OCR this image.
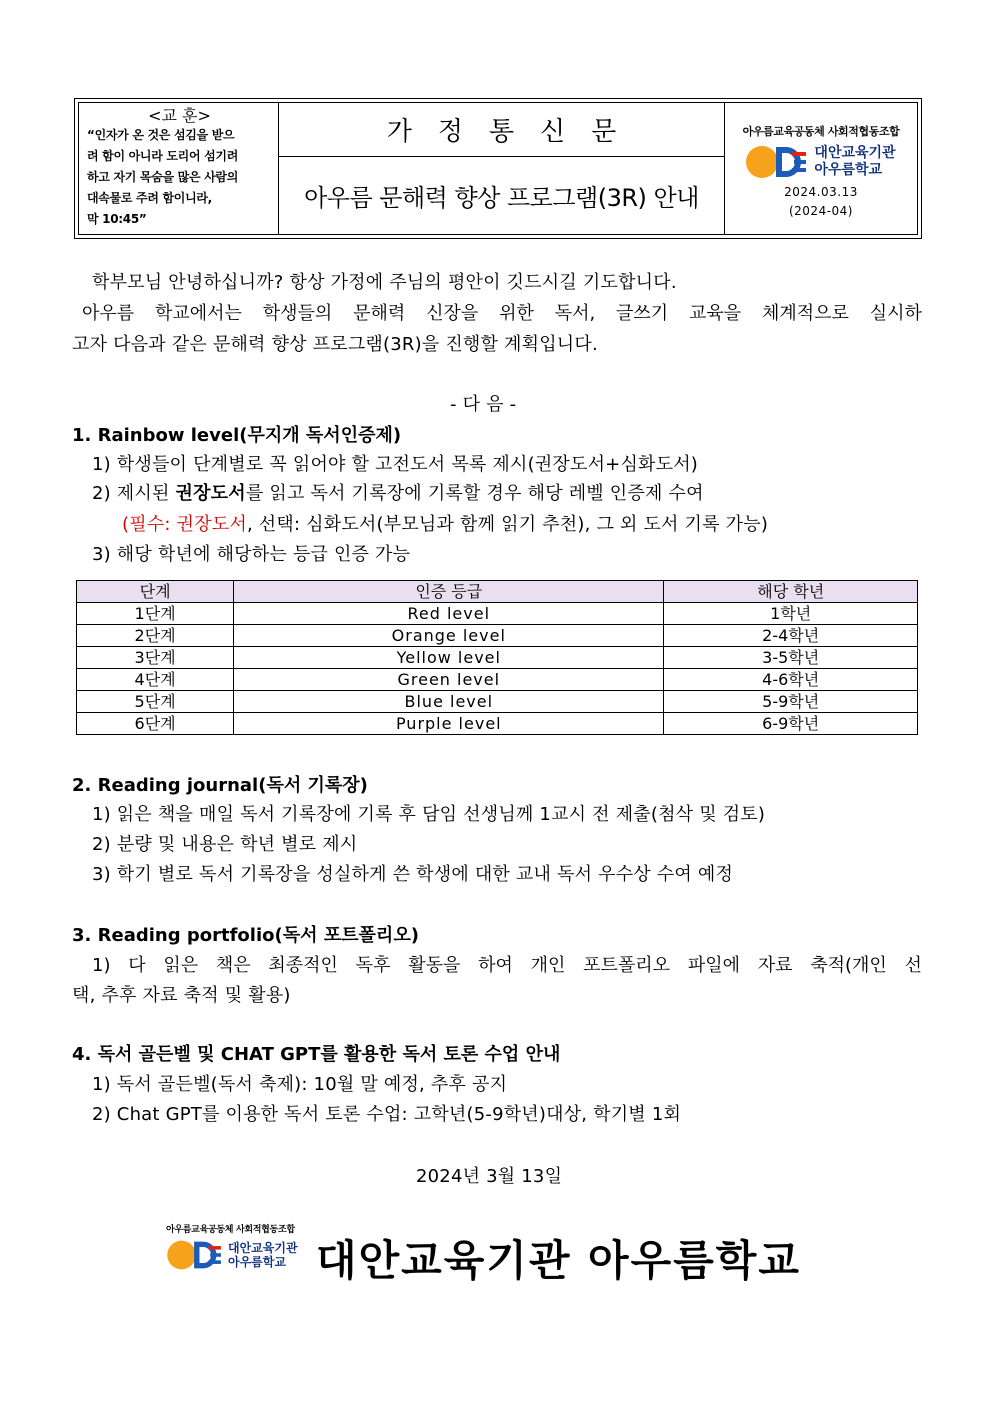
<교 훈>
“인자가 온 것은 섬김을 받으
려 함이 아니라 도리어 섬기려
하고 자기 목숨을 많은 사람의
대속물로 주려 함이니라,
막 10:45”
가정통신문
아우름 문해력 향상 프로그램(3R) 안내
아우름교육공동체 사회적협동조합
대안교육기관
아우름학교
2024.03.13
(2024-04)
학부모님 안녕하십니까? 항상 가정에 주님의 평안이 깃드시길 기도합니다.
아우름 학교에서는 학생들의 문해력 신장을 위한 독서, 글쓰기 교육을 체계적으로 실시하
고자 다음과 같은 문해력 향상 프로그램(3R)을 진행할 계획입니다.
- 다 음 -
1. Rainbow level(무지개 독서인증제)
1) 학생들이 단계별로 꼭 읽어야 할 고전도서 목록 제시(권장도서+심화도서)
2) 제시된 권장도서를 읽고 독서 기록장에 기록할 경우 해당 레벨 인증제 수여
(필수: 권장도서, 선택: 심화도서(부모님과 함께 읽기 추천), 그 외 도서 기록 가능)
3) 해당 학년에 해당하는 등급 인증 가능
단계	인증 등급	해당 학년
1단계	Red level	1학년
2단계	Orange level	2-4학년
3단계	Yellow level	3-5학년
4단계	Green level	4-6학년
5단계	Blue level	5-9학년
6단계	Purple level	6-9학년
2. Reading journal(독서 기록장)
1) 읽은 책을 매일 독서 기록장에 기록 후 담임 선생님께 1교시 전 제출(첨삭 및 검토)
2) 분량 및 내용은 학년 별로 제시
3) 학기 별로 독서 기록장을 성실하게 쓴 학생에 대한 교내 독서 우수상 수여 예정
3. Reading portfolio(독서 포트폴리오)
1) 다 읽은 책은 최종적인 독후 활동을 하여 개인 포트폴리오 파일에 자료 축적(개인 선
택, 추후 자료 축적 및 활용)
4. 독서 골든벨 및 CHAT GPT를 활용한 독서 토론 수업 안내
1) 독서 골든벨(독서 축제): 10월 말 예정, 추후 공지
2) Chat GPT를 이용한 독서 토론 수업: 고학년(5-9학년)대상, 학기별 1회
2024년 3월 13일
아우름교육공동체 사회적협동조합
대안교육기관
아우름학교 대안교육기관 아우름학교
